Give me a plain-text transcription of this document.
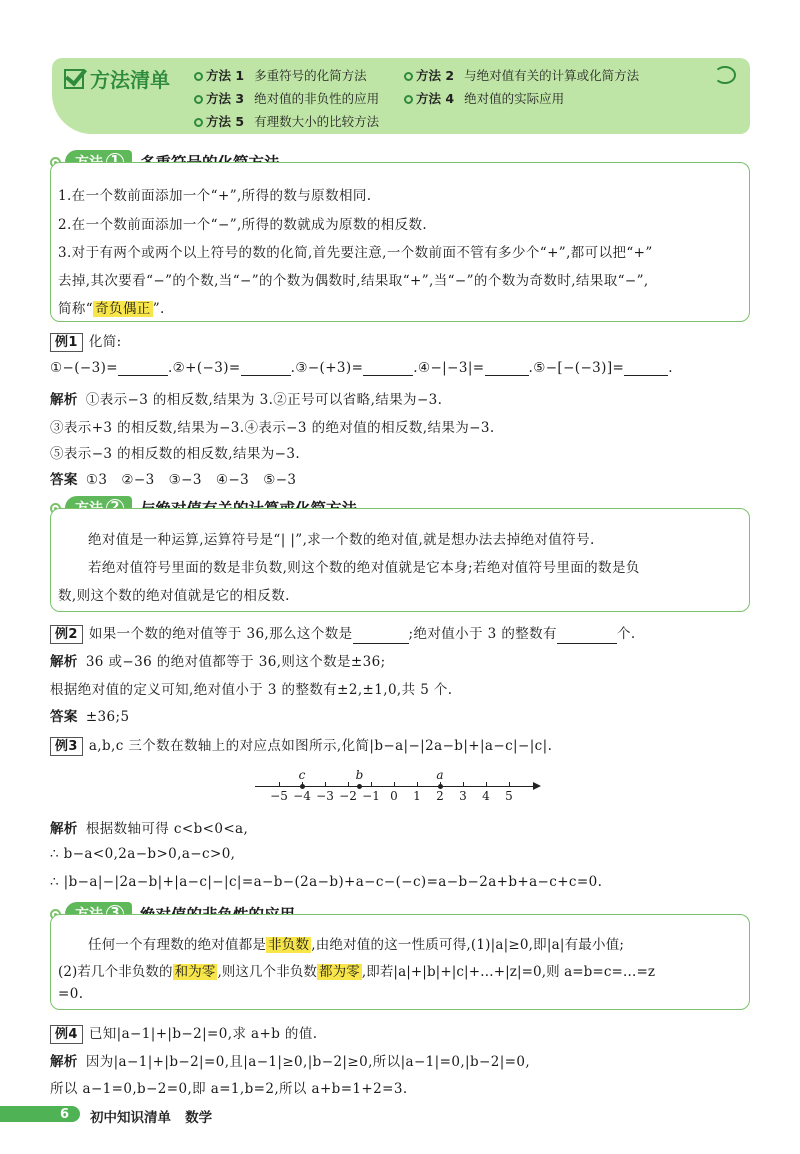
方法清单	方法 1 多重符号的化简方法	方法 2 与绝对值有关的计算或化简方法
方法 3 绝对值的非负性的应用	方法 4 绝对值的实际应用
方法 5 有理数大小的比较方法
1.在一个数前面添加一个“+”,所得的数与原数相同.
2.在一个数前面添加一个“−”,所得的数就成为原数的相反数.
3.对于有两个或两个以上符号的数的化简,首先要注意,一个数前面不管有多少个“+”,都可以把“+”
去掉,其次要看“−”的个数,当“−”的个数为偶数时,结果取“+”,当“−”的个数为奇数时,结果取“−”,
简称“ 奇负偶正 ”.
例1 化简:
①−(−3)=	.②+(−3)=	.③−(+3)=	.④−|−3|=	.⑤−[−(−3)]=	.
解析 ①表示−3 的相反数,结果为 3.②正号可以省略,结果为−3.
③表示+3 的相反数,结果为−3.④表示−3 的绝对值的相反数,结果为−3.
⑤表示−3 的相反数的相反数,结果为−3.
答案 ①3   ②−3   ③−3   ④−3   ⑤−3
绝对值是一种运算,运算符号是“| |”,求一个数的绝对值,就是想办法去掉绝对值符号.
若绝对值符号里面的数是非负数,则这个数的绝对值就是它本身;若绝对值符号里面的数是负
数,则这个数的绝对值就是它的相反数.
例2 如果一个数的绝对值等于 36,那么这个数是	;绝对值小于 3 的整数有	个.
解析 36 或−36 的绝对值都等于 36,则这个数是±36;
根据绝对值的定义可知,绝对值小于 3 的整数有±2,±1,0,共 5 个.
答案 ±36;5
例3 a,b,c 三个数在数轴上的对应点如图所示,化简|b−a|−|2a−b|+|a−c|−|c|.
−5 −4 −3 −2 −1 0	1	2	3	4	5
c	b	a
解析 根据数轴可得 c<b<0<a,
∴ b−a<0,2a−b>0,a−c>0,
∴ |b−a|−|2a−b|+|a−c|−|c|=a−b−(2a−b)+a−c−(−c)=a−b−2a+b+a−c+c=0.
任何一个有理数的绝对值都是 非负数 ,由绝对值的这一性质可得,(1)|a|≥0,即|a|有最小值;
(2)若几个非负数的 和为零 ,则这几个非负数 都为零 ,即若|a|+|b|+|c|+…+|z|=0,则 a=b=c=…=z
=0.
例4 已知|a−1|+|b−2|=0,求 a+b 的值.
解析 因为|a−1|+|b−2|=0,且|a−1|≥0,|b−2|≥0,所以|a−1|=0,|b−2|=0,
所以 a−1=0,b−2=0,即 a=1,b=2,所以 a+b=1+2=3.
6 初中知识清单   数学
